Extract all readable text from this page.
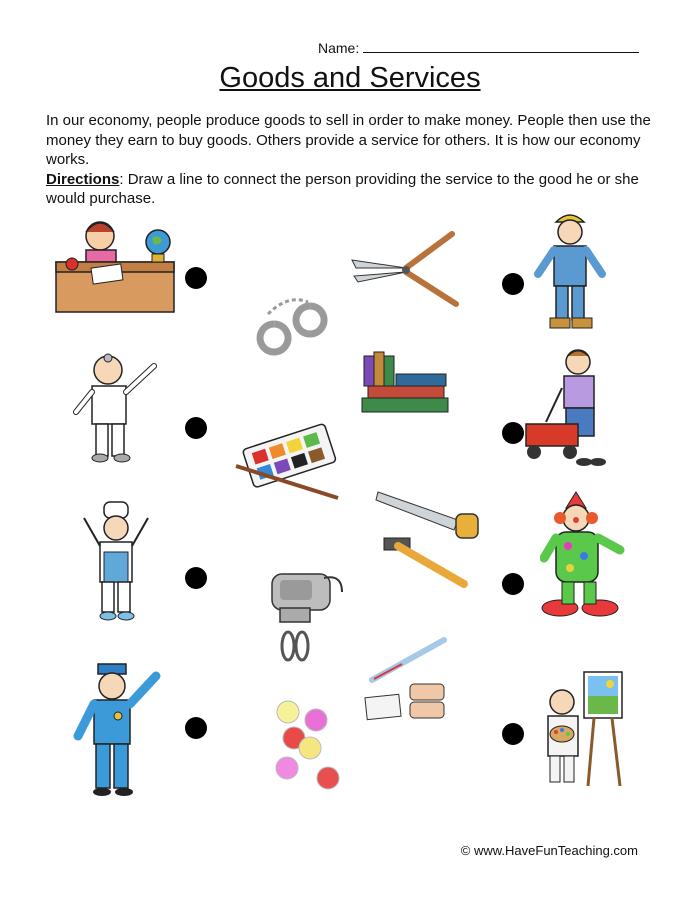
Name:
Goods and Services
In our economy, people produce goods to sell in order to make money. People then use the money they earn to buy goods. Others provide a service for others. It is how our economy works.
Directions: Draw a line to connect the person providing the service to the good he or she would purchase.
© www.HaveFunTeaching.com
